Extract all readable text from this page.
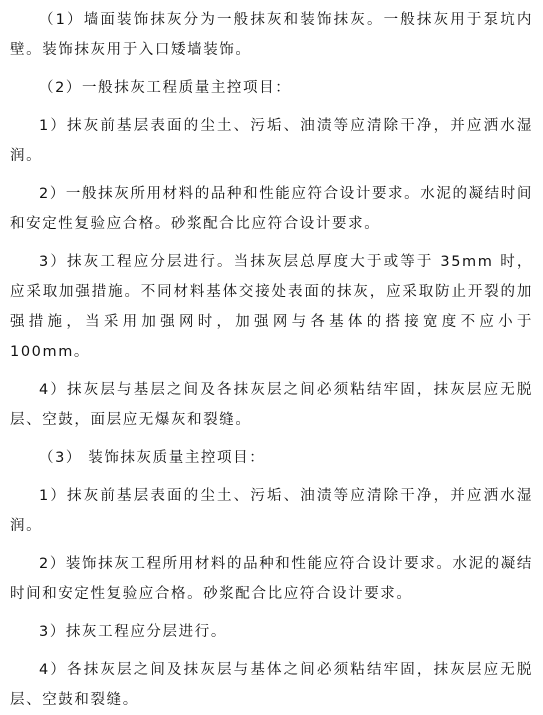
（1）墙面装饰抹灰分为一般抹灰和装饰抹灰。一般抹灰用于泵坑内壁。装饰抹灰用于入口矮墙装饰。

（2）一般抹灰工程质量主控项目：

1）抹灰前基层表面的尘土、污垢、油渍等应清除干净，并应洒水湿润。

2）一般抹灰所用材料的品种和性能应符合设计要求。水泥的凝结时间和安定性复验应合格。砂浆配合比应符合设计要求。

3）抹灰工程应分层进行。当抹灰层总厚度大于或等于 35mm 时，应采取加强措施。不同材料基体交接处表面的抹灰，应采取防止开裂的加强措施，当采用加强网时，加强网与各基体的搭接宽度不应小于 100mm。

4）抹灰层与基层之间及各抹灰层之间必须粘结牢固，抹灰层应无脱层、空鼓，面层应无爆灰和裂缝。

（3） 装饰抹灰质量主控项目：

1）抹灰前基层表面的尘土、污垢、油渍等应清除干净，并应洒水湿润。

2）装饰抹灰工程所用材料的品种和性能应符合设计要求。水泥的凝结时间和安定性复验应合格。砂浆配合比应符合设计要求。

3）抹灰工程应分层进行。

4）各抹灰层之间及抹灰层与基体之间必须粘结牢固，抹灰层应无脱层、空鼓和裂缝。
